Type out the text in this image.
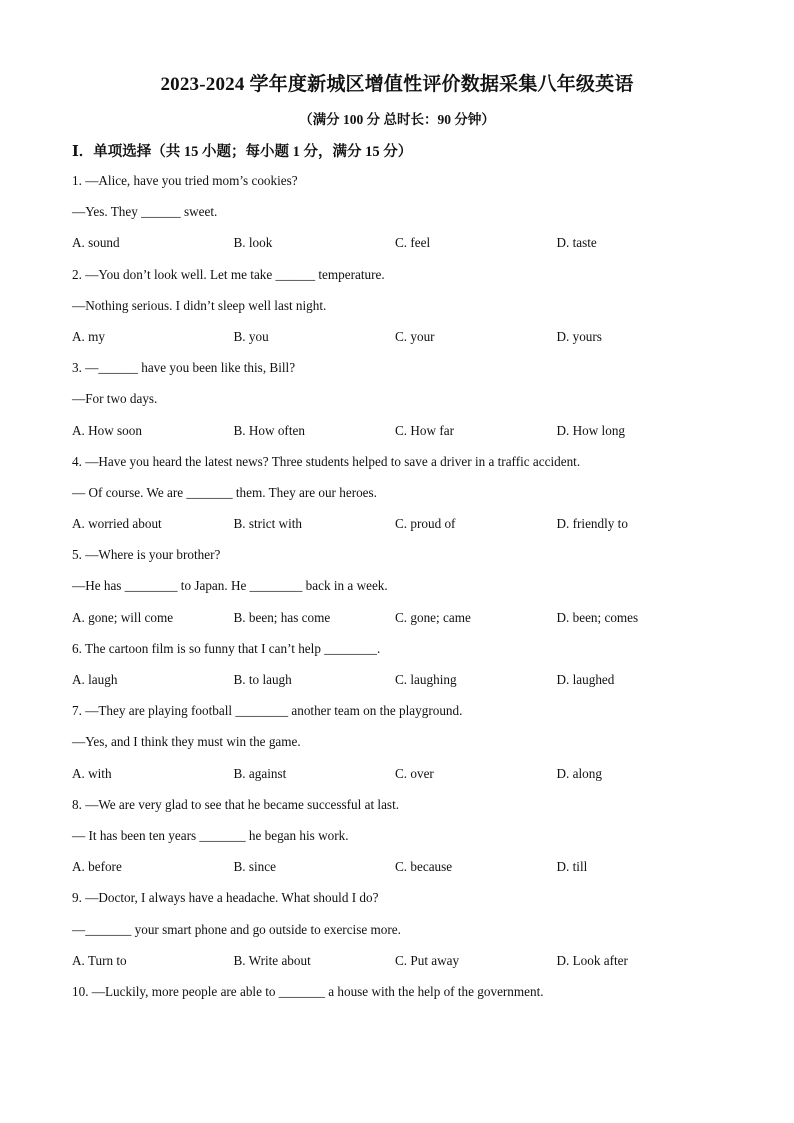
2023-2024 学年度新城区增值性评价数据采集八年级英语
（满分 100 分 总时长：90 分钟）
Ⅰ．单项选择（共 15 小题；每小题 1 分，满分 15 分）
1. —Alice, have you tried mom’s cookies?
—Yes. They ______ sweet.
A. sound	B. look	C. feel	D. taste
2. —You don’t look well. Let me take ______ temperature.
—Nothing serious. I didn’t sleep well last night.
A. my	B. you	C. your	D. yours
3. —______ have you been like this, Bill?
—For two days.
A. How soon	B. How often	C. How far	D. How long
4. —Have you heard the latest news? Three students helped to save a driver in a traffic accident.
— Of course. We are _______ them. They are our heroes.
A. worried about	B. strict with	C. proud of	D. friendly to
5. —Where is your brother?
—He has ________ to Japan. He ________ back in a week.
A. gone; will come	B. been; has come	C. gone; came	D. been; comes
6. The cartoon film is so funny that I can’t help ________.
A. laugh	B. to laugh	C. laughing	D. laughed
7. —They are playing football ________ another team on the playground.
—Yes, and I think they must win the game.
A. with	B. against	C. over	D. along
8. —We are very glad to see that he became successful at last.
— It has been ten years _______ he began his work.
A. before	B. since	C. because	D. till
9. —Doctor, I always have a headache. What should I do?
—_______ your smart phone and go outside to exercise more.
A. Turn to	B. Write about	C. Put away	D. Look after
10. —Luckily, more people are able to _______ a house with the help of the government.
